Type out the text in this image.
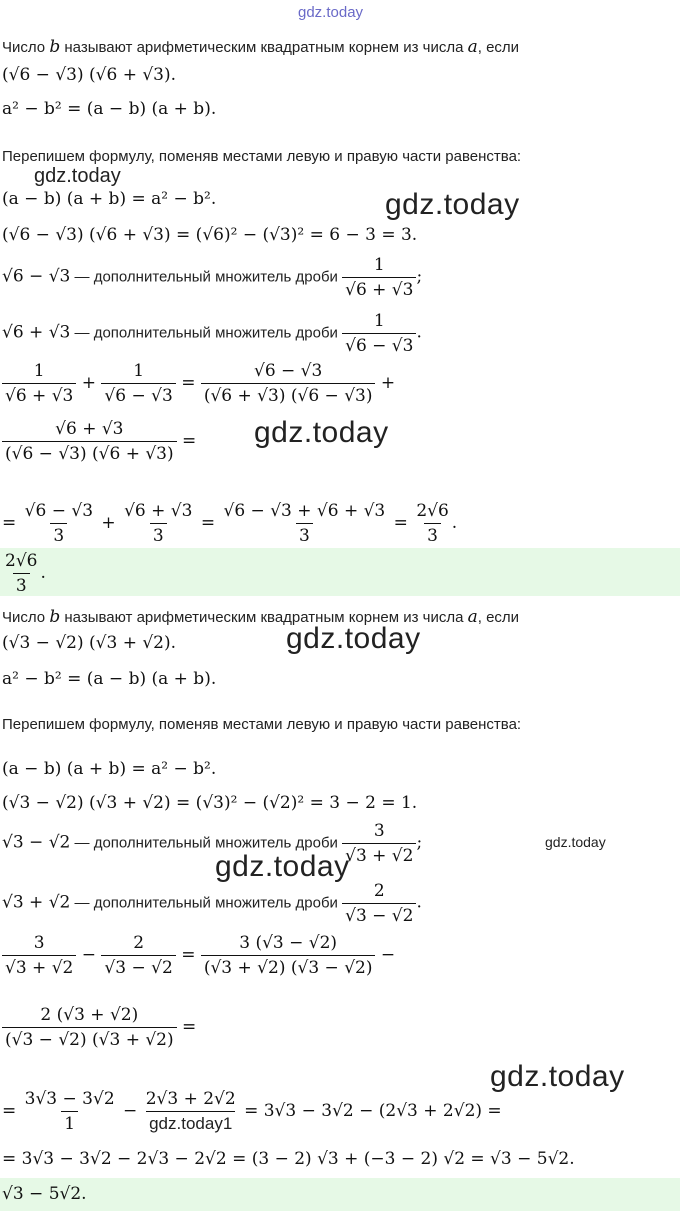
gdz.today
Число b называют арифметическим квадратным корнем из числа a, если
(√6 − √3) (√6 + √3).
a² − b² = (a − b) (a + b).
Перепишем формулу, поменяв местами левую и правую части равенства:
gdz.today
(a − b) (a + b) = a² − b².	gdz.today
(√6 − √3) (√6 + √3) = (√6)² − (√3)² = 6 − 3 = 3.
√6 − √3 — дополнительный множитель дроби $\frac{1}{√6 + √3}$ ;
√6 + √3 — дополнительный множитель дроби $\frac{1}{√6 - √3}$ .
$\frac{1}{√6 + √3} + \frac{1}{√6 - √3} = \frac{√6 - √3}{(√6 + √3) (√6 - √3)}$ +
$\frac{√6 + √3}{(√6 - √3) (√6 + √3)}$ = gdz.today
= $\frac{√6 - √3}{3} + \frac{√6 + √3}{3} = \frac{√6 - √3 + √6 + √3}{3} = \frac{2√6}{3}$ .
$\frac{2√6}{3}$ .
Число b называют арифметическим квадратным корнем из числа a, если
(√3 − √2) (√3 + √2).	gdz.today
a² − b² = (a − b) (a + b).
Перепишем формулу, поменяв местами левую и правую части равенства:
(a − b) (a + b) = a² − b².
(√3 − √2) (√3 + √2) = (√3)² − (√2)² = 3 − 2 = 1.
√3 − √2 — дополнительный множитель дроби $\frac{3}{√3 + √2}$ ;	gdz.today
gdz.today
√3 + √2 — дополнительный множитель дроби $\frac{2}{√3 - √2}$ .
$\frac{3}{√3 + √2} - \frac{2}{√3 - √2} = \frac{3 (√3 - √2)}{(√3 + √2) (√3 - √2)}$ −
$\frac{2 (√3 + √2)}{(√3 - √2) (√3 + √2)}$ =
gdz.today
= $\frac{3√3 - 3√2}{1} - \frac{2√3 + 2√2}{\text{gdz.today1}} = 3√3 - 3√2 - (2√3 + 2√2)$ =
= 3√3 − 3√2 − 2√3 − 2√2 = (3 − 2) √3 + (−3 − 2) √2 = √3 − 5√2.
√3 − 5√2.
